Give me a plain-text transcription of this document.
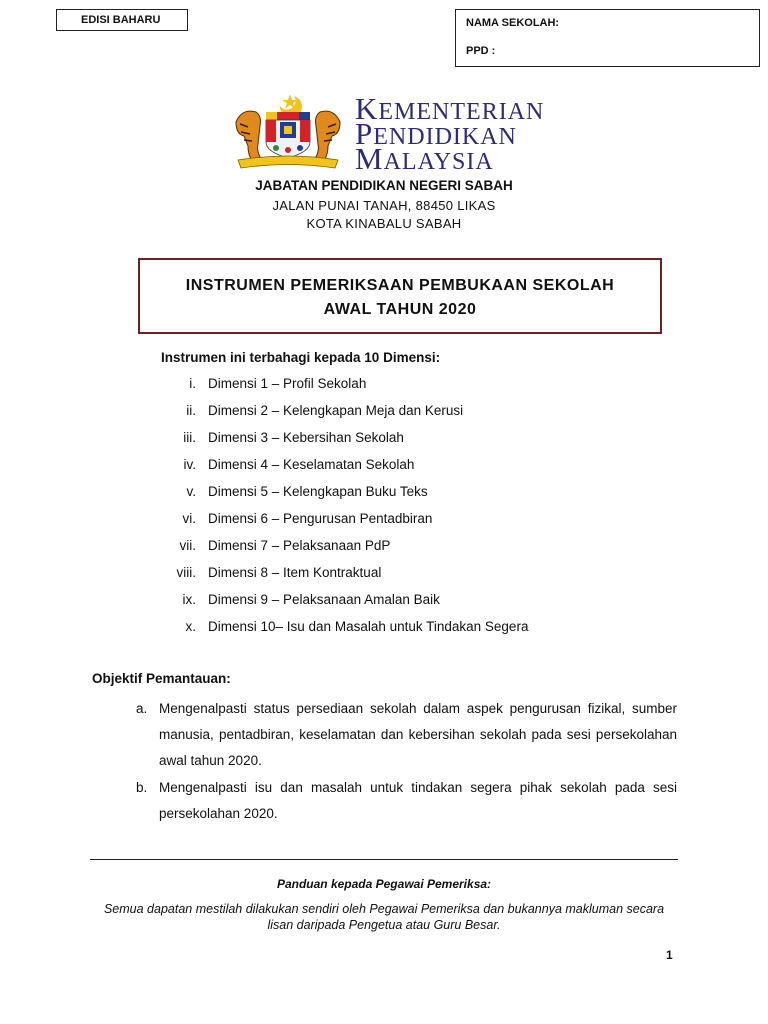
EDISI BAHARU	NAMA SEKOLAH:
PPD :
KEMENTERIAN
PENDIDIKAN
MALAYSIA
JABATAN PENDIDIKAN NEGERI SABAH
JALAN PUNAI TANAH, 88450 LIKAS
KOTA KINABALU SABAH
INSTRUMEN PEMERIKSAAN PEMBUKAAN SEKOLAH
AWAL TAHUN 2020
Instrumen ini terbahagi kepada 10 Dimensi:
i. Dimensi 1 – Profil Sekolah
ii. Dimensi 2 – Kelengkapan Meja dan Kerusi
iii. Dimensi 3 – Kebersihan Sekolah
iv. Dimensi 4 – Keselamatan Sekolah
v. Dimensi 5 – Kelengkapan Buku Teks
vi. Dimensi 6 – Pengurusan Pentadbiran
vii. Dimensi 7 – Pelaksanaan PdP
viii. Dimensi 8 – Item Kontraktual
ix. Dimensi 9 – Pelaksanaan Amalan Baik
x. Dimensi 10– Isu dan Masalah untuk Tindakan Segera
Objektif Pemantauan:
a. Mengenalpasti status persediaan sekolah dalam aspek pengurusan fizikal, sumber manusia, pentadbiran, keselamatan dan kebersihan sekolah pada sesi persekolahan awal tahun 2020.
b. Mengenalpasti isu dan masalah untuk tindakan segera pihak sekolah pada sesi persekolahan 2020.
Panduan kepada Pegawai Pemeriksa:
Semua dapatan mestilah dilakukan sendiri oleh Pegawai Pemeriksa dan bukannya makluman secara lisan daripada Pengetua atau Guru Besar.
1
